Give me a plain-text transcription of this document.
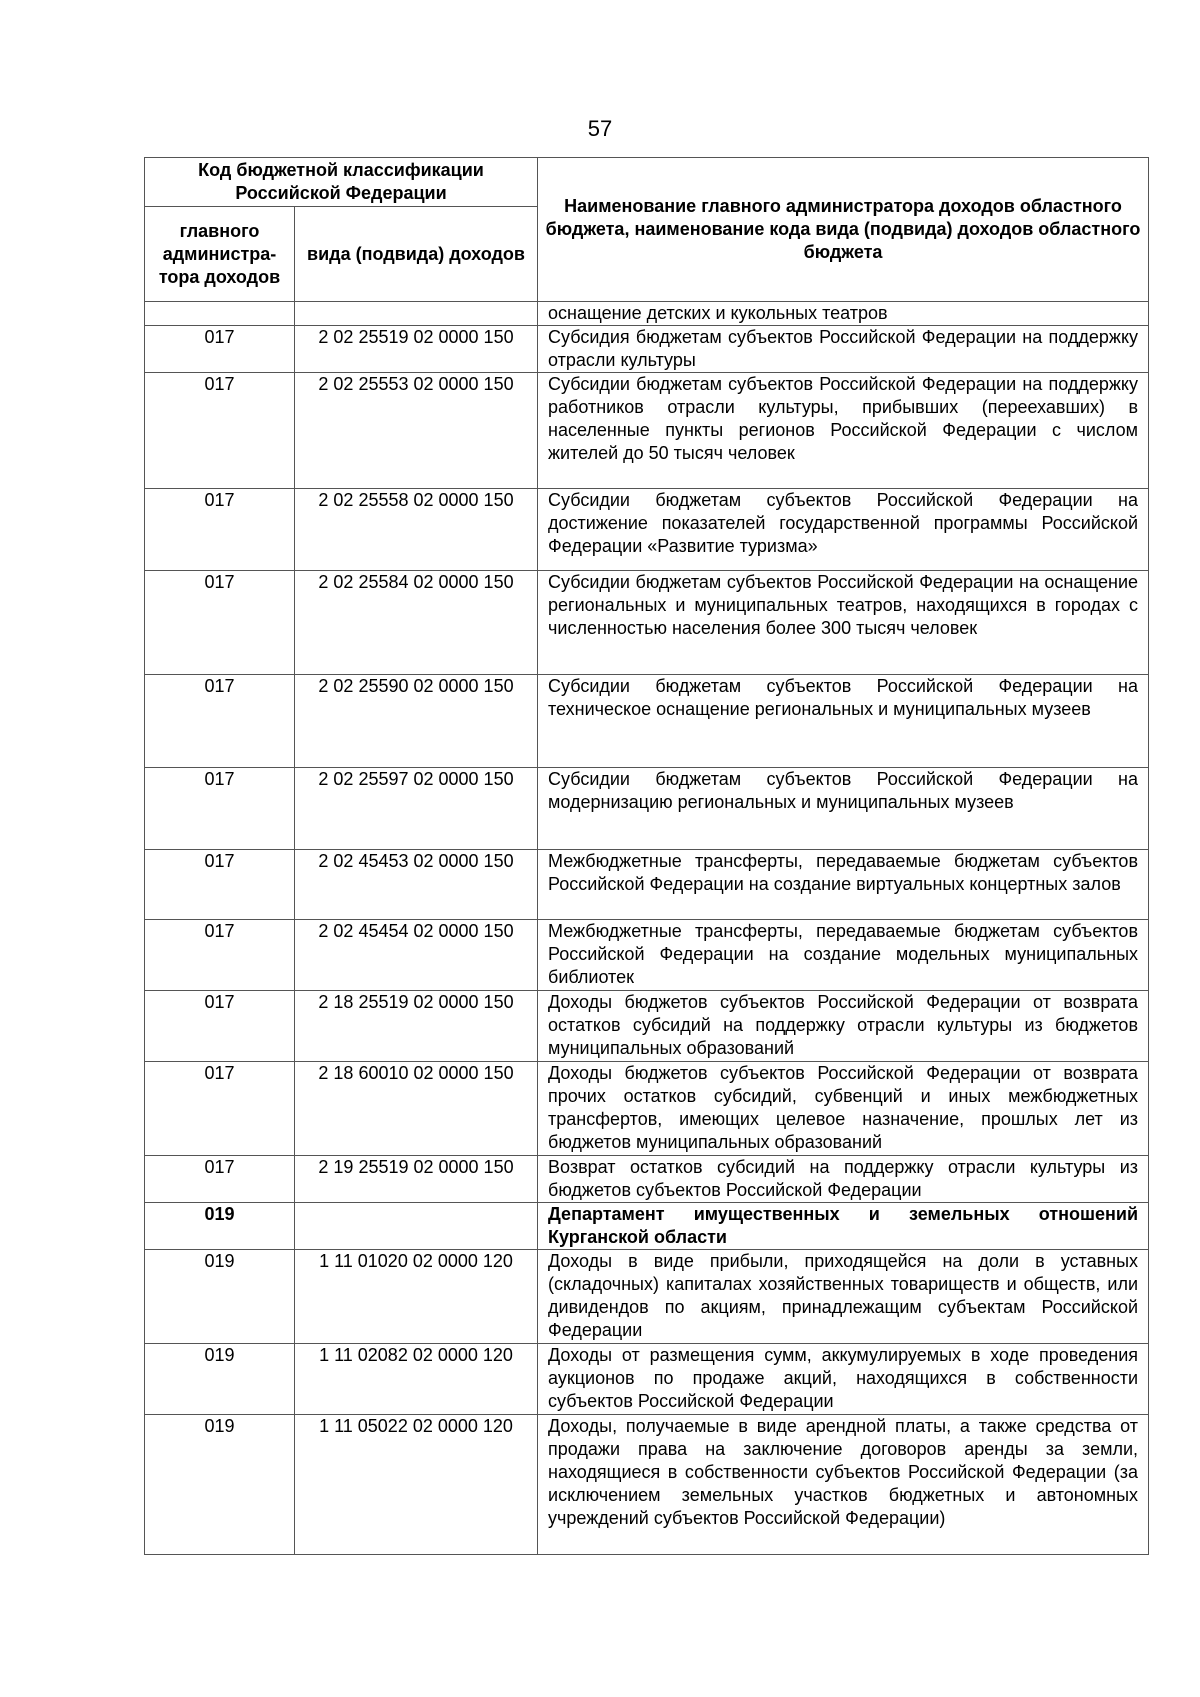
57
Код бюджетной классификации Российской Федерации		Наименование главного администратора доходов областного бюджета, наименование кода вида (подвида) доходов областного бюджета
главного администра-тора доходов	вида (подвида) доходов	
		оснащение детских и кукольных театров
017	2 02 25519 02 0000 150	Субсидия бюджетам субъектов Российской Федерации на поддержку отрасли культуры
017	2 02 25553 02 0000 150	Субсидии бюджетам субъектов Российской Федерации на поддержку работников отрасли культуры, прибывших (переехавших) в населенные пункты регионов Российской Федерации с числом жителей до 50 тысяч человек
017	2 02 25558 02 0000 150	Субсидии бюджетам субъектов Российской Федерации на достижение показателей государственной программы Российской Федерации «Развитие туризма»
017	2 02 25584 02 0000 150	Субсидии бюджетам субъектов Российской Федерации на оснащение региональных и муниципальных театров, находящихся в городах с численностью населения более 300 тысяч человек
017	2 02 25590 02 0000 150	Субсидии бюджетам субъектов Российской Федерации на техническое оснащение региональных и муниципальных музеев
017	2 02 25597 02 0000 150	Субсидии бюджетам субъектов Российской Федерации на модернизацию региональных и муниципальных музеев
017	2 02 45453 02 0000 150	Межбюджетные трансферты, передаваемые бюджетам субъектов Российской Федерации на создание виртуальных концертных залов
017	2 02 45454 02 0000 150	Межбюджетные трансферты, передаваемые бюджетам субъектов Российской Федерации на создание модельных муниципальных библиотек
017	2 18 25519 02 0000 150	Доходы бюджетов субъектов Российской Федерации от возврата остатков субсидий на поддержку отрасли культуры из бюджетов муниципальных образований
017	2 18 60010 02 0000 150	Доходы бюджетов субъектов Российской Федерации от возврата прочих остатков субсидий, субвенций и иных межбюджетных трансфертов, имеющих целевое назначение, прошлых лет из бюджетов муниципальных образований
017	2 19 25519 02 0000 150	Возврат остатков субсидий на поддержку отрасли культуры из бюджетов субъектов Российской Федерации
019		Департамент имущественных и земельных отношений Курганской области
019	1 11 01020 02 0000 120	Доходы в виде прибыли, приходящейся на доли в уставных (складочных) капиталах хозяйственных товариществ и обществ, или дивидендов по акциям, принадлежащим субъектам Российской Федерации
019	1 11 02082 02 0000 120	Доходы от размещения сумм, аккумулируемых в ходе проведения аукционов по продаже акций, находящихся в собственности субъектов Российской Федерации
019	1 11 05022 02 0000 120	Доходы, получаемые в виде арендной платы, а также средства от продажи права на заключение договоров аренды за земли, находящиеся в собственности субъектов Российской Федерации (за исключением земельных участков бюджетных и автономных учреждений субъектов Российской Федерации)
